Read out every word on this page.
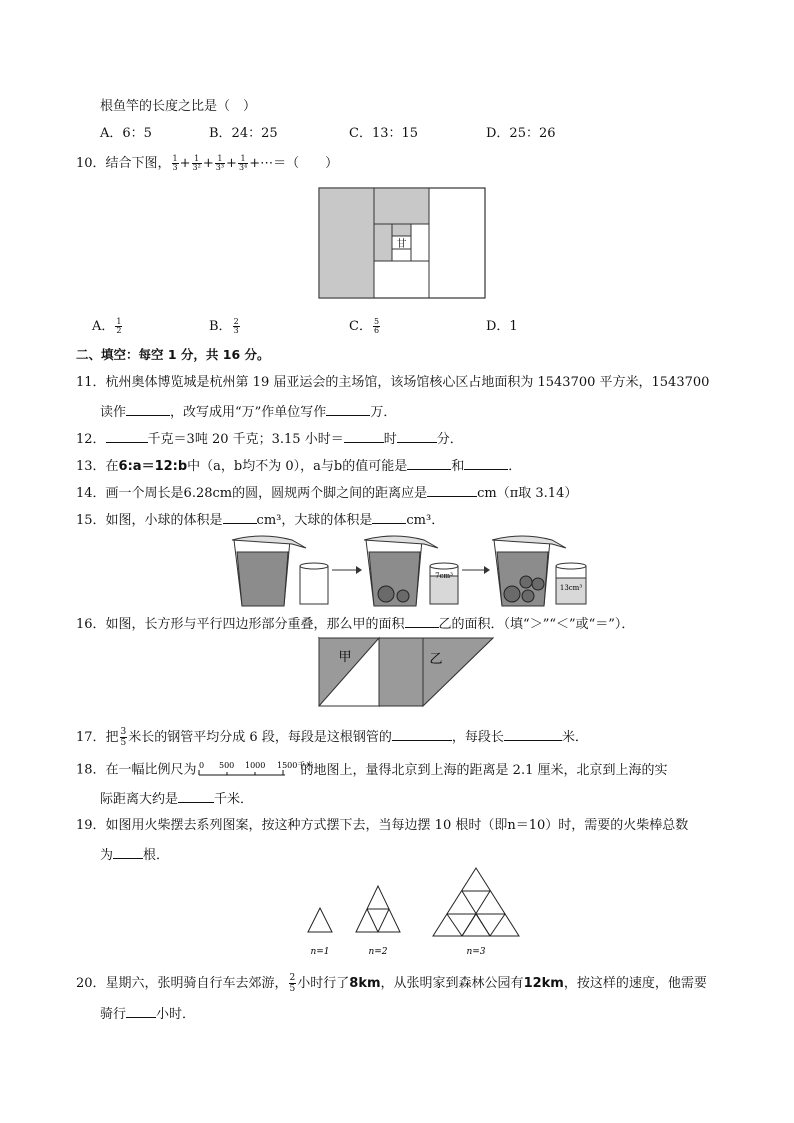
根鱼竿的长度之比是（　）
A．6：5	B．24：25	C．13：15	D．25：26
10．结合下图， $\frac{1}{3} + \frac{1}{\text{3²}} + \frac{1}{\text{3³}} + \frac{1}{\text{3⁴}}$ +⋯＝（　　）
甘
A． $\frac{1}{2}$	B． $\frac{2}{3}$	C． $\frac{5}{6}$	D．1
二、填空：每空 1 分，共 16 分。
11．杭州奥体博览城是杭州第 19 届亚运会的主场馆，该场馆核心区占地面积为 1543700 平方米，1543700
读作	，改写成用“万”作单位写作	万．
12．	千克＝3吨 20 千克；3.15 小时＝	时	分．
13．在6:a＝12:b中（a，b均不为 0），a与b的值可能是	和	．
14．画一个周长是6.28cm的圆，圆规两个脚之间的距离应是	cm（π取 3.14）
15．如图，小球的体积是	cm³，大球的体积是	cm³．
7cm³
13cm³
16．如图，长方形与平行四边形部分重叠，那么甲的面积	乙的面积．（填“＞”“＜”或“＝”）．
甲	乙
17．把 $\frac{3}{5}$ 米长的钢管平均分成 6 段，每段是这根钢管的	，每段长	米．
18．在一幅比例尺为 0 500 1000 1500千米
的地图上，量得北京到上海的距离是 2.1 厘米，北京到上海的实
际距离大约是	千米．
19．如图用火柴摆去系列图案，按这种方式摆下去，当每边摆 10 根时（即n＝10）时，需要的火柴棒总数
为 根．
n=1	n=2	n=3
20．星期六，张明骑自行车去郊游， $\frac{2}{5}$ 小时行了8km，从张明家到森林公园有12km，按这样的速度，他需要
骑行 小时．
